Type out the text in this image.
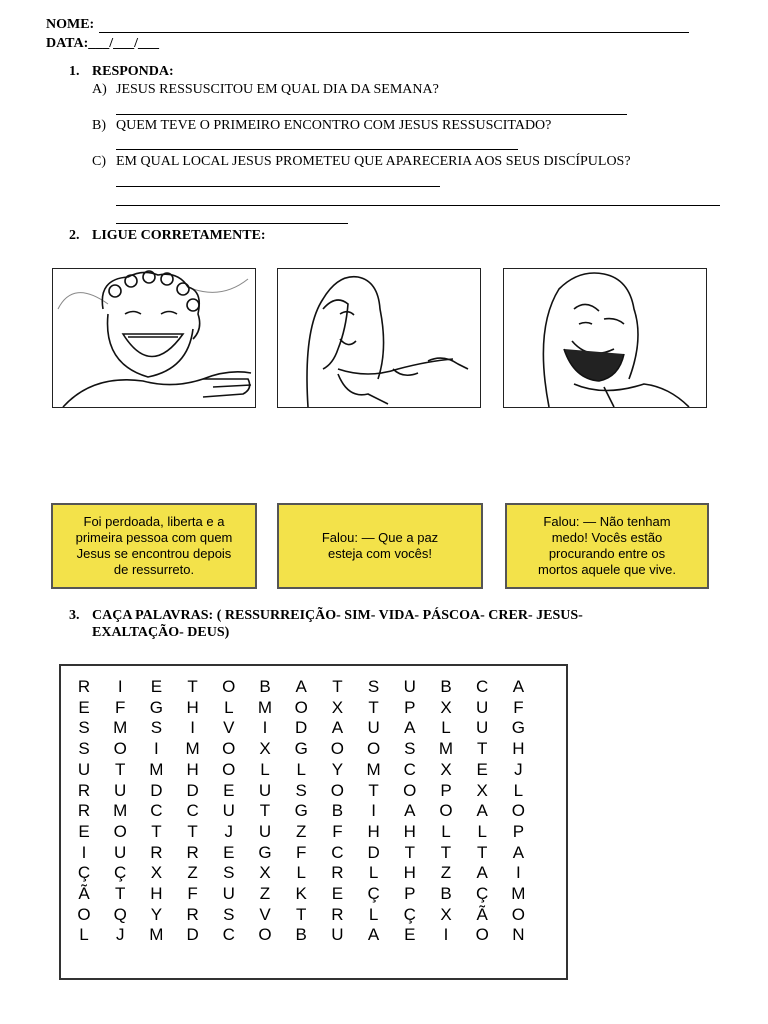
NOME:
DATA:___/___/___
1. RESPONDA:
A) JESUS RESSUSCITOU EM QUAL DIA DA SEMANA?
B) QUEM TEVE O PRIMEIRO ENCONTRO COM JESUS RESSUSCITADO?
C) EM QUAL LOCAL JESUS PROMETEU QUE APARECERIA AOS SEUS DISCÍPULOS?
2. LIGUE CORRETAMENTE:
Foi perdoada, liberta e a
primeira pessoa com quem
Jesus se encontrou depois
de ressurreto.
Falou: — Que a paz
esteja com vocês!
Falou: — Não tenham
medo! Vocês estão
procurando entre os
mortos aquele que vive.
3. CAÇA PALAVRAS: ( RESSURREIÇÃO- SIM- VIDA- PÁSCOA- CRER- JESUS-
EXALTAÇÃO- DEUS)
R	I	E	T	O	B	A	T	S	U	B	C	A
E	F	G	H	L	M	O	X	T	P	X	U	F
S	M	S	I	V	I	D	A	U	A	L	U	G
S	O	I	M	O	X	G	O	O	S	M	T	H
U	T	M	H	O	L	L	Y	M	C	X	E	J
R	U	D	D	E	U	S	O	T	O	P	X	L
R	M	C	C	U	T	G	B	I	A	O	A	O
E	O	T	T	J	U	Z	F	H	H	L	L	P
I	U	R	R	E	G	F	C	D	T	T	T	A
Ç	Ç	X	Z	S	X	L	R	L	H	Z	A	I
Ã	T	H	F	U	Z	K	E	Ç	P	B	Ç	M
O	Q	Y	R	S	V	T	R	L	Ç	X	Ã	O
L	J	M	D	C	O	B	U	A	E	I	O	N
